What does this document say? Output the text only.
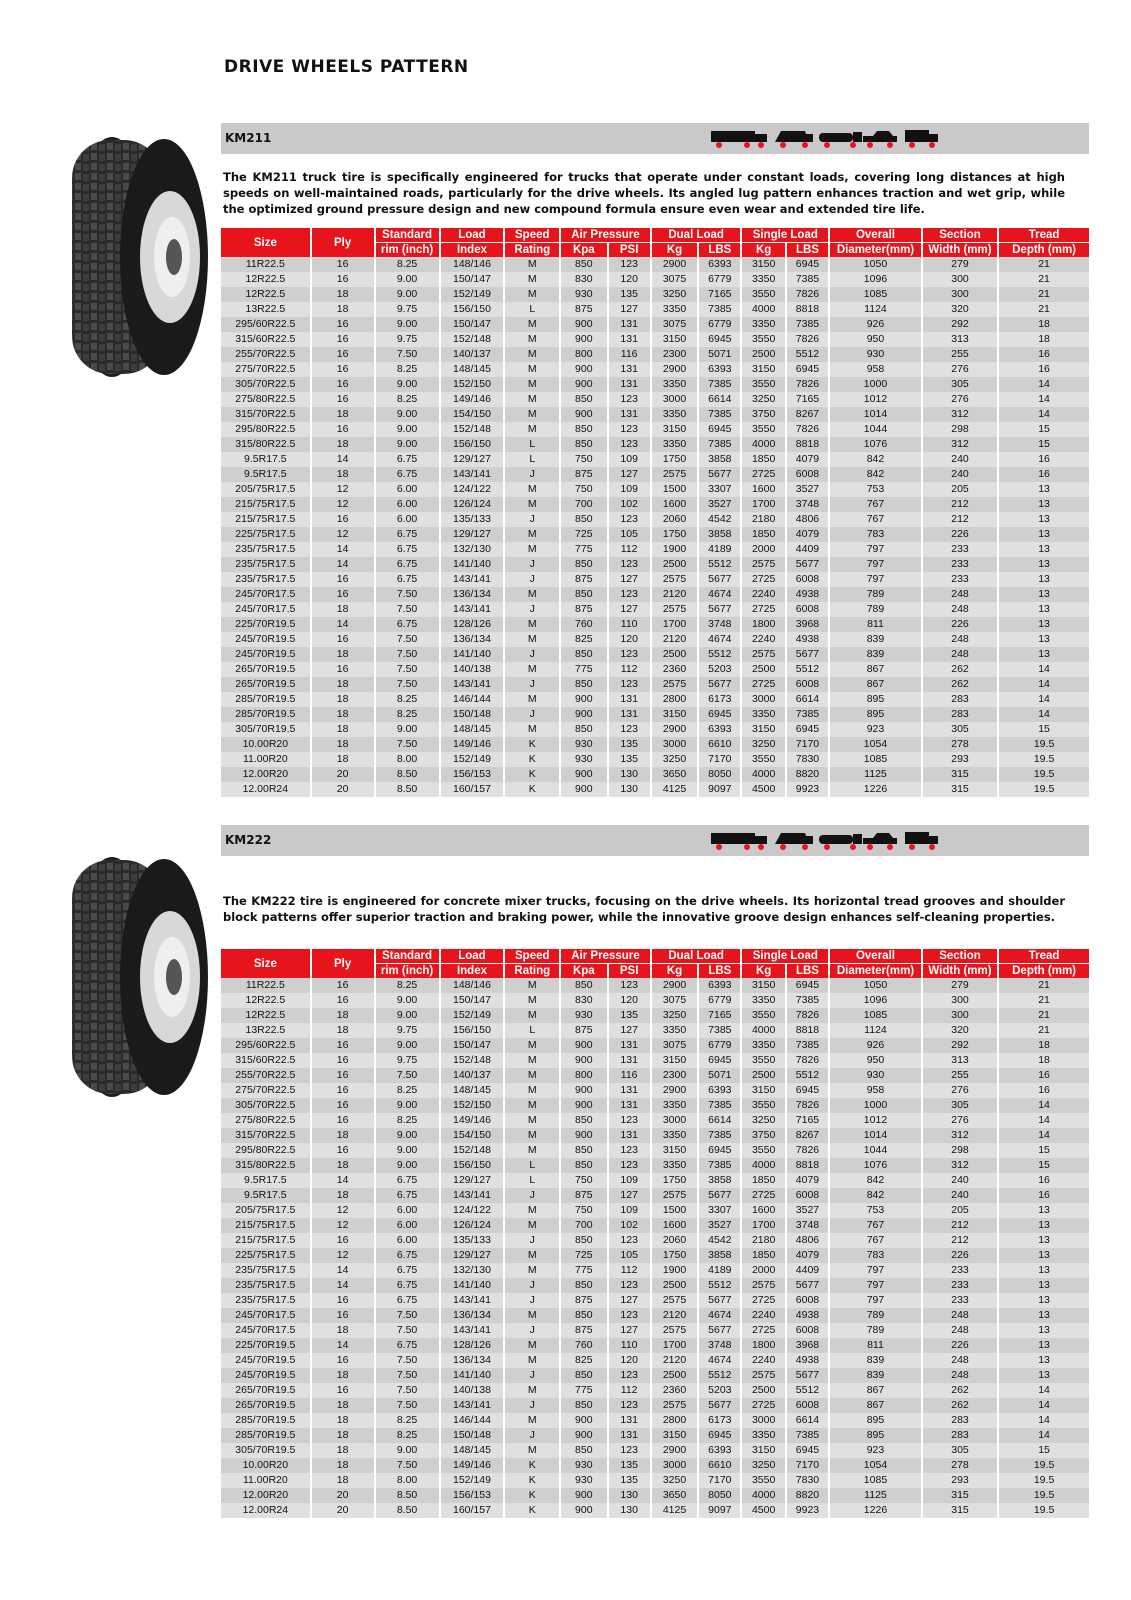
DRIVE WHEELS PATTERN
KM211
The KM211 truck tire is specifically engineered for trucks that operate under constant loads, covering long distances at high speeds on well-maintained roads, particularly for the drive wheels. Its angled lug pattern enhances traction and wet grip, while the optimized ground pressure design and new compound formula ensure even wear and extended tire life.
Size	Ply	Standard	Load	Speed	Air Pressure		Dual Load		Single Load		Overall	Section	Tread
		rim (inch)	Index	Rating	Kpa	PSI	Kg	LBS	Kg	LBS	Diameter(mm)	Width (mm)	Depth (mm)
11R22.5	16	8.25	148/146	M	850	123	2900	6393	3150	6945	1050	279	21
12R22.5	16	9.00	150/147	M	830	120	3075	6779	3350	7385	1096	300	21
12R22.5	18	9.00	152/149	M	930	135	3250	7165	3550	7826	1085	300	21
13R22.5	18	9.75	156/150	L	875	127	3350	7385	4000	8818	1124	320	21
295/60R22.5	16	9.00	150/147	M	900	131	3075	6779	3350	7385	926	292	18
315/60R22.5	16	9.75	152/148	M	900	131	3150	6945	3550	7826	950	313	18
255/70R22.5	16	7.50	140/137	M	800	116	2300	5071	2500	5512	930	255	16
275/70R22.5	16	8.25	148/145	M	900	131	2900	6393	3150	6945	958	276	16
305/70R22.5	16	9.00	152/150	M	900	131	3350	7385	3550	7826	1000	305	14
275/80R22.5	16	8.25	149/146	M	850	123	3000	6614	3250	7165	1012	276	14
315/70R22.5	18	9.00	154/150	M	900	131	3350	7385	3750	8267	1014	312	14
295/80R22.5	16	9.00	152/148	M	850	123	3150	6945	3550	7826	1044	298	15
315/80R22.5	18	9.00	156/150	L	850	123	3350	7385	4000	8818	1076	312	15
9.5R17.5	14	6.75	129/127	L	750	109	1750	3858	1850	4079	842	240	16
9.5R17.5	18	6.75	143/141	J	875	127	2575	5677	2725	6008	842	240	16
205/75R17.5	12	6.00	124/122	M	750	109	1500	3307	1600	3527	753	205	13
215/75R17.5	12	6.00	126/124	M	700	102	1600	3527	1700	3748	767	212	13
215/75R17.5	16	6.00	135/133	J	850	123	2060	4542	2180	4806	767	212	13
225/75R17.5	12	6.75	129/127	M	725	105	1750	3858	1850	4079	783	226	13
235/75R17.5	14	6.75	132/130	M	775	112	1900	4189	2000	4409	797	233	13
235/75R17.5	14	6.75	141/140	J	850	123	2500	5512	2575	5677	797	233	13
235/75R17.5	16	6.75	143/141	J	875	127	2575	5677	2725	6008	797	233	13
245/70R17.5	16	7.50	136/134	M	850	123	2120	4674	2240	4938	789	248	13
245/70R17.5	18	7.50	143/141	J	875	127	2575	5677	2725	6008	789	248	13
225/70R19.5	14	6.75	128/126	M	760	110	1700	3748	1800	3968	811	226	13
245/70R19.5	16	7.50	136/134	M	825	120	2120	4674	2240	4938	839	248	13
245/70R19.5	18	7.50	141/140	J	850	123	2500	5512	2575	5677	839	248	13
265/70R19.5	16	7.50	140/138	M	775	112	2360	5203	2500	5512	867	262	14
265/70R19.5	18	7.50	143/141	J	850	123	2575	5677	2725	6008	867	262	14
285/70R19.5	18	8.25	146/144	M	900	131	2800	6173	3000	6614	895	283	14
285/70R19.5	18	8.25	150/148	J	900	131	3150	6945	3350	7385	895	283	14
305/70R19.5	18	9.00	148/145	M	850	123	2900	6393	3150	6945	923	305	15
10.00R20	18	7.50	149/146	K	930	135	3000	6610	3250	7170	1054	278	19.5
11.00R20	18	8.00	152/149	K	930	135	3250	7170	3550	7830	1085	293	19.5
12.00R20	20	8.50	156/153	K	900	130	3650	8050	4000	8820	1125	315	19.5
12.00R24	20	8.50	160/157	K	900	130	4125	9097	4500	9923	1226	315	19.5
KM222
The KM222 tire is engineered for concrete mixer trucks, focusing on the drive wheels. Its horizontal tread grooves and shoulder block patterns offer superior traction and braking power, while the innovative groove design enhances self-cleaning properties.
Size	Ply	Standard	Load	Speed	Air Pressure		Dual Load		Single Load		Overall	Section	Tread
		rim (inch)	Index	Rating	Kpa	PSI	Kg	LBS	Kg	LBS	Diameter(mm)	Width (mm)	Depth (mm)
11R22.5	16	8.25	148/146	M	850	123	2900	6393	3150	6945	1050	279	21
12R22.5	16	9.00	150/147	M	830	120	3075	6779	3350	7385	1096	300	21
12R22.5	18	9.00	152/149	M	930	135	3250	7165	3550	7826	1085	300	21
13R22.5	18	9.75	156/150	L	875	127	3350	7385	4000	8818	1124	320	21
295/60R22.5	16	9.00	150/147	M	900	131	3075	6779	3350	7385	926	292	18
315/60R22.5	16	9.75	152/148	M	900	131	3150	6945	3550	7826	950	313	18
255/70R22.5	16	7.50	140/137	M	800	116	2300	5071	2500	5512	930	255	16
275/70R22.5	16	8.25	148/145	M	900	131	2900	6393	3150	6945	958	276	16
305/70R22.5	16	9.00	152/150	M	900	131	3350	7385	3550	7826	1000	305	14
275/80R22.5	16	8.25	149/146	M	850	123	3000	6614	3250	7165	1012	276	14
315/70R22.5	18	9.00	154/150	M	900	131	3350	7385	3750	8267	1014	312	14
295/80R22.5	16	9.00	152/148	M	850	123	3150	6945	3550	7826	1044	298	15
315/80R22.5	18	9.00	156/150	L	850	123	3350	7385	4000	8818	1076	312	15
9.5R17.5	14	6.75	129/127	L	750	109	1750	3858	1850	4079	842	240	16
9.5R17.5	18	6.75	143/141	J	875	127	2575	5677	2725	6008	842	240	16
205/75R17.5	12	6.00	124/122	M	750	109	1500	3307	1600	3527	753	205	13
215/75R17.5	12	6.00	126/124	M	700	102	1600	3527	1700	3748	767	212	13
215/75R17.5	16	6.00	135/133	J	850	123	2060	4542	2180	4806	767	212	13
225/75R17.5	12	6.75	129/127	M	725	105	1750	3858	1850	4079	783	226	13
235/75R17.5	14	6.75	132/130	M	775	112	1900	4189	2000	4409	797	233	13
235/75R17.5	14	6.75	141/140	J	850	123	2500	5512	2575	5677	797	233	13
235/75R17.5	16	6.75	143/141	J	875	127	2575	5677	2725	6008	797	233	13
245/70R17.5	16	7.50	136/134	M	850	123	2120	4674	2240	4938	789	248	13
245/70R17.5	18	7.50	143/141	J	875	127	2575	5677	2725	6008	789	248	13
225/70R19.5	14	6.75	128/126	M	760	110	1700	3748	1800	3968	811	226	13
245/70R19.5	16	7.50	136/134	M	825	120	2120	4674	2240	4938	839	248	13
245/70R19.5	18	7.50	141/140	J	850	123	2500	5512	2575	5677	839	248	13
265/70R19.5	16	7.50	140/138	M	775	112	2360	5203	2500	5512	867	262	14
265/70R19.5	18	7.50	143/141	J	850	123	2575	5677	2725	6008	867	262	14
285/70R19.5	18	8.25	146/144	M	900	131	2800	6173	3000	6614	895	283	14
285/70R19.5	18	8.25	150/148	J	900	131	3150	6945	3350	7385	895	283	14
305/70R19.5	18	9.00	148/145	M	850	123	2900	6393	3150	6945	923	305	15
10.00R20	18	7.50	149/146	K	930	135	3000	6610	3250	7170	1054	278	19.5
11.00R20	18	8.00	152/149	K	930	135	3250	7170	3550	7830	1085	293	19.5
12.00R20	20	8.50	156/153	K	900	130	3650	8050	4000	8820	1125	315	19.5
12.00R24	20	8.50	160/157	K	900	130	4125	9097	4500	9923	1226	315	19.5
